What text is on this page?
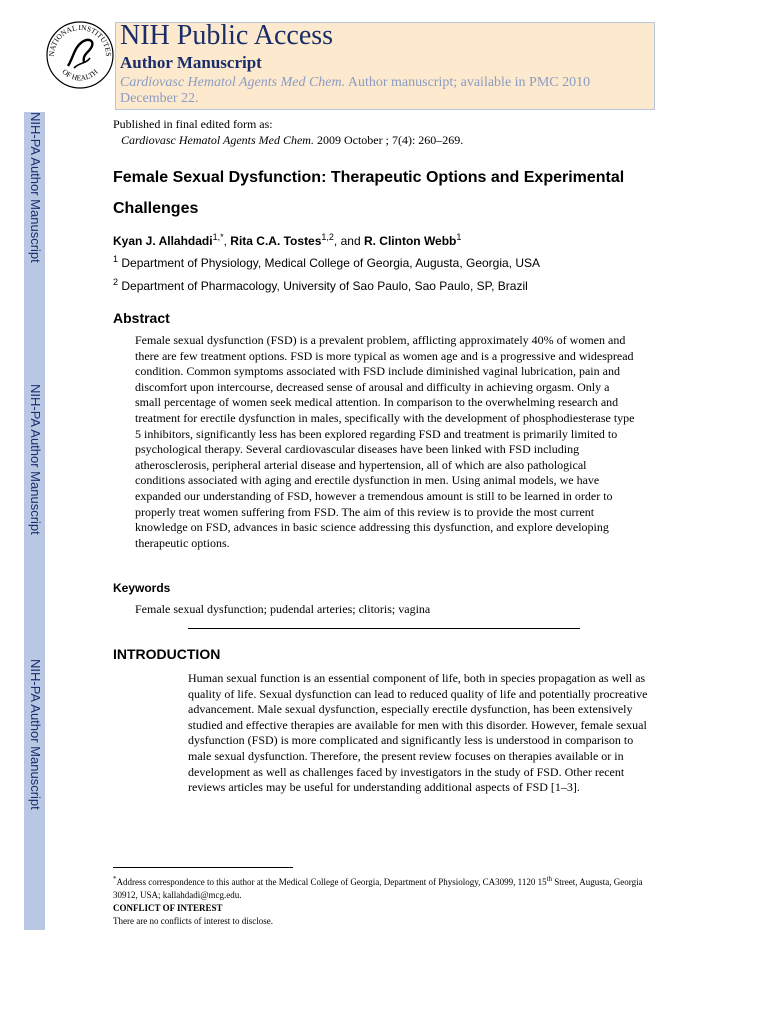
NIH-PA Author Manuscript
NIH-PA Author Manuscript
NIH-PA Author Manuscript
NATIONAL INSTITUTES
OF HEALTH
NIH Public Access
Author Manuscript
Cardiovasc Hematol Agents Med Chem. Author manuscript; available in PMC 2010 December 22.
Published in final edited form as:
Cardiovasc Hematol Agents Med Chem. 2009 October ; 7(4): 260–269.
Female Sexual Dysfunction: Therapeutic Options and Experimental Challenges
Kyan J. Allahdadi$^{1,*}$, Rita C.A. Tostes$^{1,2}$, and R. Clinton Webb$^1$
$^1$ Department of Physiology, Medical College of Georgia, Augusta, Georgia, USA
$^2$ Department of Pharmacology, University of Sao Paulo, Sao Paulo, SP, Brazil
Abstract
Female sexual dysfunction (FSD) is a prevalent problem, afflicting approximately 40% of women and there are few treatment options. FSD is more typical as women age and is a progressive and widespread condition. Common symptoms associated with FSD include diminished vaginal lubrication, pain and discomfort upon intercourse, decreased sense of arousal and difficulty in achieving orgasm. Only a small percentage of women seek medical attention. In comparison to the overwhelming research and treatment for erectile dysfunction in males, specifically with the development of phosphodiesterase type 5 inhibitors, significantly less has been explored regarding FSD and treatment is primarily limited to psychological therapy. Several cardiovascular diseases have been linked with FSD including atherosclerosis, peripheral arterial disease and hypertension, all of which are also pathological conditions associated with aging and erectile dysfunction in men. Using animal models, we have expanded our understanding of FSD, however a tremendous amount is still to be learned in order to properly treat women suffering from FSD. The aim of this review is to provide the most current knowledge on FSD, advances in basic science addressing this dysfunction, and explore developing therapeutic options.
Keywords
Female sexual dysfunction; pudendal arteries; clitoris; vagina
INTRODUCTION
Human sexual function is an essential component of life, both in species propagation as well as quality of life. Sexual dysfunction can lead to reduced quality of life and potentially procreative advancement. Male sexual dysfunction, especially erectile dysfunction, has been extensively studied and effective therapies are available for men with this disorder. However, female sexual dysfunction (FSD) is more complicated and significantly less is understood in comparison to male sexual dysfunction. Therefore, the present review focuses on therapies available or in development as well as challenges faced by investigators in the study of FSD. Other recent reviews articles may be useful for understanding additional aspects of FSD [1–3].
*Address correspondence to this author at the Medical College of Georgia, Department of Physiology, CA3099, 1120 15th Street, Augusta, Georgia 30912, USA; kallahdadi@mcg.edu.
CONFLICT OF INTEREST
There are no conflicts of interest to disclose.
